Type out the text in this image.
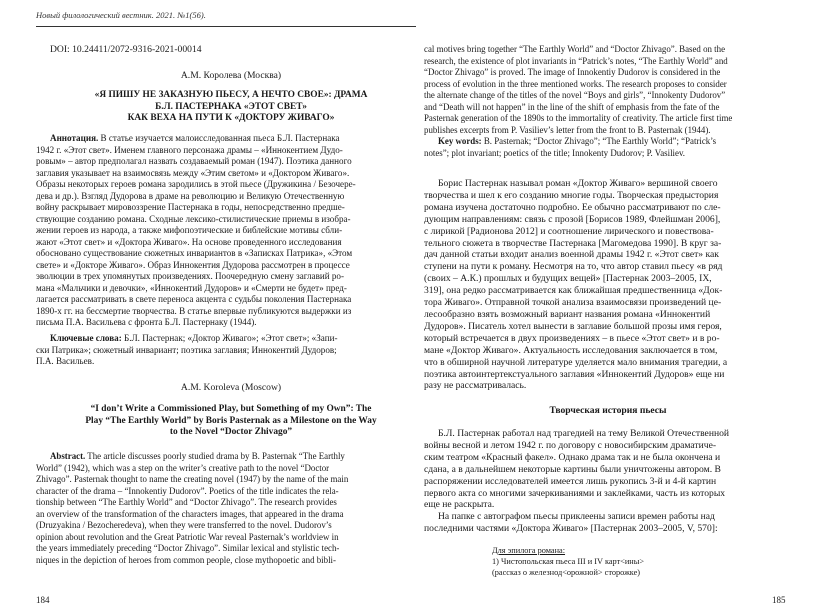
Новый филологический вестник. 2021. №1(56).
DOI: 10.24411/2072-9316-2021-00014
А.М. Королева (Москва)
«Я ПИШУ НЕ ЗАКАЗНУЮ ПЬЕСУ, А НЕЧТО СВОЕ»: ДРАМА
Б.Л. ПАСТЕРНАКА «ЭТОТ СВЕТ»
КАК ВЕХА НА ПУТИ К «ДОКТОРУ ЖИВАГО»
Аннотация. В статье изучается малоисследованная пьеса Б.Л. Пастернака
1942 г. «Этот свет». Именем главного персонажа драмы – «Иннокентием Дудо-
ровым» – автор предполагал назвать создаваемый роман (1947). Поэтика данного
заглавия указывает на взаимосвязь между «Этим светом» и «Доктором Живаго».
Образы некоторых героев романа зародились в этой пьесе (Дружикина / Безочере-
дева и др.). Взгляд Дудорова в драме на революцию и Великую Отечественную
войну раскрывает мировоззрение Пастернака в годы, непосредственно предше-
ствующие созданию романа. Сходные лексико-стилистические приемы в изобра-
жении героев из народа, а также мифопоэтические и библейские мотивы сбли-
жают «Этот свет» и «Доктора Живаго». На основе проведенного исследования
обосновано существование сюжетных инвариантов в «Записках Патрика», «Этом
свете» и «Докторе Живаго». Образ Иннокентия Дудорова рассмотрен в процессе
эволюции в трех упомянутых произведениях. Поочередную смену заглавий ро-
мана «Мальчики и девочки», «Иннокентий Дудоров» и «Смерти не будет» пред-
лагается рассматривать в свете переноса акцента с судьбы поколения Пастернака
1890-х гг. на бессмертие творчества. В статье впервые публикуются выдержки из
письма П.А. Васильева с фронта Б.Л. Пастернаку (1944).
Ключевые слова: Б.Л. Пастернак; «Доктор Живаго»; «Этот свет»; «Запи-
ски Патрика»; сюжетный инвариант; поэтика заглавия; Иннокентий Дудоров;
П.А. Васильев.
A.M. Koroleva (Moscow)
“I don’t Write a Commissioned Play, but Something of my Own”: The
Play “The Earthly World” by Boris Pasternak as a Milestone on the Way
to the Novel “Doctor Zhivago”
Abstract. The article discusses poorly studied drama by B. Pasternak “The Earthly
World” (1942), which was a step on the writer’s creative path to the novel “Doctor
Zhivago”. Pasternak thought to name the creating novel (1947) by the name of the main
character of the drama – “Innokentiy Dudorov”. Poetics of the title indicates the rela-
tionship between “The Earthly World” and “Doctor Zhivago”. The research provides
an overview of the transformation of the characters images, that appeared in the drama
(Druzyakina / Bezocheredeva), when they were transferred to the novel. Dudorov’s
opinion about revolution and the Great Patriotic War reveal Pasternak’s worldview in
the years immediately preceding “Doctor Zhivago”. Similar lexical and stylistic tech-
niques in the depiction of heroes from common people, close mythopoetic and bibli-
184
cal motives bring together “The Earthly World” and “Doctor Zhivago”. Based on the
research, the existence of plot invariants in “Patrick’s notes, “The Earthly World” and
“Doctor Zhivago” is proved. The image of Innokentiy Dudorov is considered in the
process of evolution in the three mentioned works. The research proposes to consider
the alternate change of the titles of the novel “Boys and girls”, “Innokenty Dudorov”
and “Death will not happen” in the line of the shift of emphasis from the fate of the
Pasternak generation of the 1890s to the immortality of creativity. The article first time
publishes excerpts from P. Vasiliev’s letter from the front to B. Pasternak (1944).
Key words: B. Pasternak; “Doctor Zhivago”; “The Earthly World”; “Patrick’s
notes”; plot invariant; poetics of the title; Innokenty Dudorov; P. Vasiliev.
Борис Пастернак называл роман «Доктор Живаго» вершиной своего
творчества и шел к его созданию многие годы. Творческая предыстория
романа изучена достаточно подробно. Ее обычно рассматривают по сле-
дующим направлениям: связь с прозой [Борисов 1989, Флейшман 2006],
с лирикой [Радионова 2012] и соотношение лирического и повествова-
тельного сюжета в творчестве Пастернака [Магомедова 1990]. В круг за-
дач данной статьи входит анализ военной драмы 1942 г. «Этот свет» как
ступени на пути к роману. Несмотря на то, что автор ставил пьесу «в ряд
(своих – А.К.) прошлых и будущих вещей» [Пастернак 2003–2005, IX,
319], она редко рассматривается как ближайшая предшественница «Док-
тора Живаго». Отправной точкой анализа взаимосвязи произведений це-
лесообразно взять возможный вариант названия романа «Иннокентий
Дудоров». Писатель хотел вынести в заглавие большой прозы имя героя,
который встречается в двух произведениях – в пьесе «Этот свет» и в ро-
мане «Доктор Живаго». Актуальность исследования заключается в том,
что в обширной научной литературе уделяется мало внимания трагедии, а
поэтика автоинтертекстуального заглавия «Иннокентий Дудоров» еще ни
разу не рассматривалась.
Творческая история пьесы
Б.Л. Пастернак работал над трагедией на тему Великой Отечественной
войны весной и летом 1942 г. по договору с новосибирским драматиче-
ским театром «Красный факел». Однако драма так и не была окончена и
сдана, а в дальнейшем некоторые картины были уничтожены автором. В
распоряжении исследователей имеется лишь рукопись 3-й и 4-й картин
первого акта со многими зачеркиваниями и заклейками, часть из которых
еще не раскрыта.
На папке с автографом пьесы приклеены записи времен работы над
последними частями «Доктора Живаго» [Пастернак 2003–2005, V, 570]:
Для эпилога романа:
1) Чистопольская пьеса III и IV карт<ины>
(рассказ о железнод<орожной> сторожке)
185
